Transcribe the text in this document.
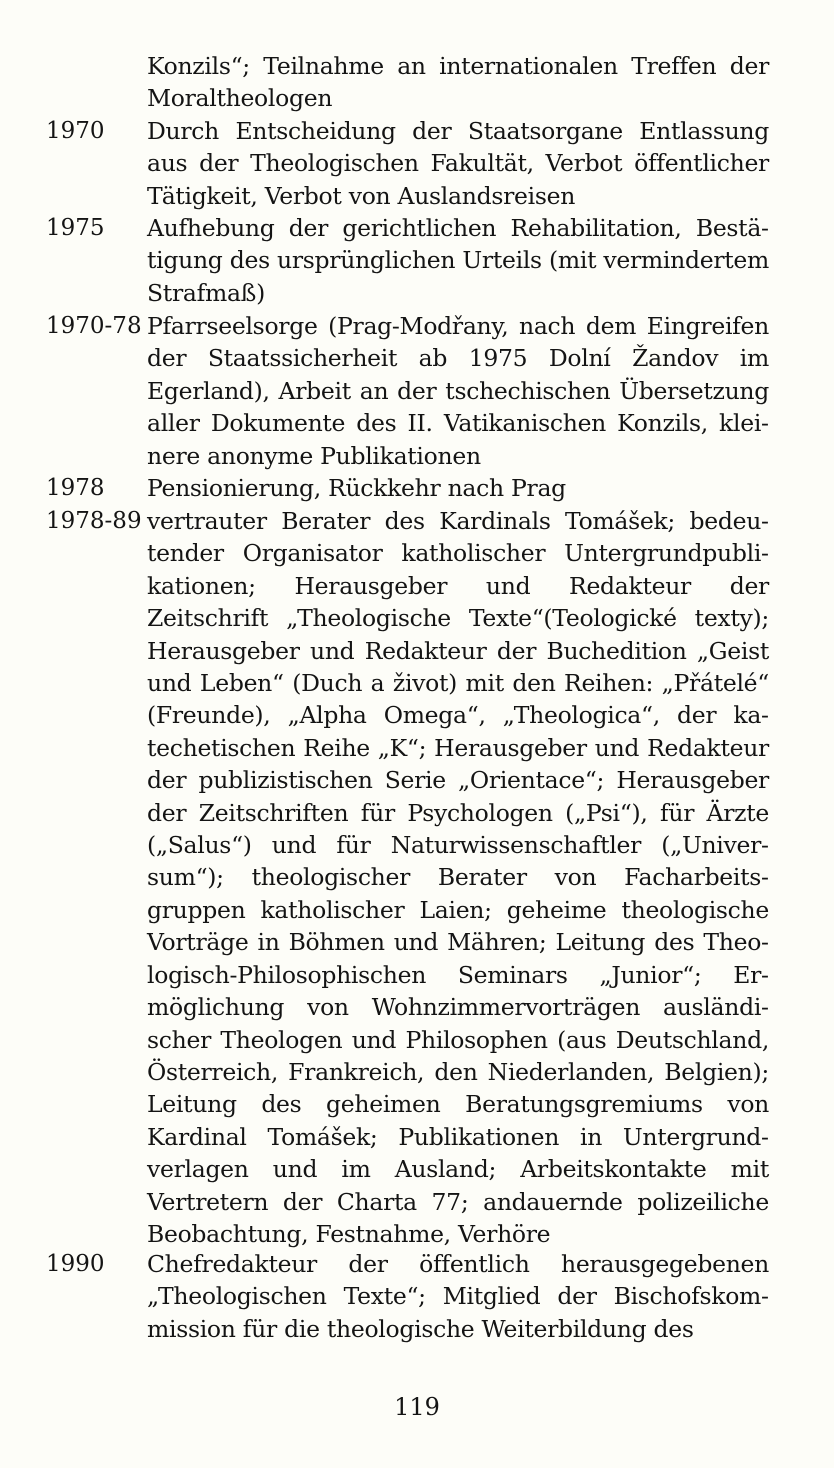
Konzils“; Teilnahme an internationalen Treffen der Moraltheologen
1970 Durch Entscheidung der Staatsorgane Entlassung aus der Theologischen Fakultät, Verbot öffentlicher Tätigkeit, Verbot von Auslandsreisen
1975 Aufhebung der gerichtlichen Rehabilitation, Bestätigung des ursprünglichen Urteils (mit vermindertem Strafmaß)
1970-78 Pfarrseelsorge (Prag-Modřany, nach dem Eingreifen der Staatssicherheit ab 1975 Dolní Žandov im Egerland), Arbeit an der tschechischen Übersetzung aller Dokumente des II. Vatikanischen Konzils, kleinere anonyme Publikationen
1978 Pensionierung, Rückkehr nach Prag
1978-89 vertrauter Berater des Kardinals Tomášek; bedeutender Organisator katholischer Untergrundpublikationen; Herausgeber und Redakteur der Zeitschrift „Theologische Texte“(Teologické texty); Herausgeber und Redakteur der Buchedition „Geist und Leben“ (Duch a život) mit den Reihen: „Přátelé“ (Freunde), „Alpha Omega“, „Theologica“, der katechetischen Reihe „K“; Herausgeber und Redakteur der publizistischen Serie „Orientace“; Herausgeber der Zeitschriften für Psychologen („Psi“), für Ärzte („Salus“) und für Naturwissenschaftler („Universum“); theologischer Berater von Facharbeitsgruppen katholischer Laien; geheime theologische Vorträge in Böhmen und Mähren; Leitung des Theologisch-Philosophischen Seminars „Junior“; Ermöglichung von Wohnzimmervorträgen ausländischer Theologen und Philosophen (aus Deutschland, Österreich, Frankreich, den Niederlanden, Belgien); Leitung des geheimen Beratungsgremiums von Kardinal Tomášek; Publikationen in Untergrundverlagen und im Ausland; Arbeitskontakte mit Vertretern der Charta 77; andauernde polizeiliche Beobachtung, Festnahme, Verhöre
1990 Chefredakteur der öffentlich herausgegebenen „Theologischen Texte“; Mitglied der Bischofskommission für die theologische Weiterbildung des
119
